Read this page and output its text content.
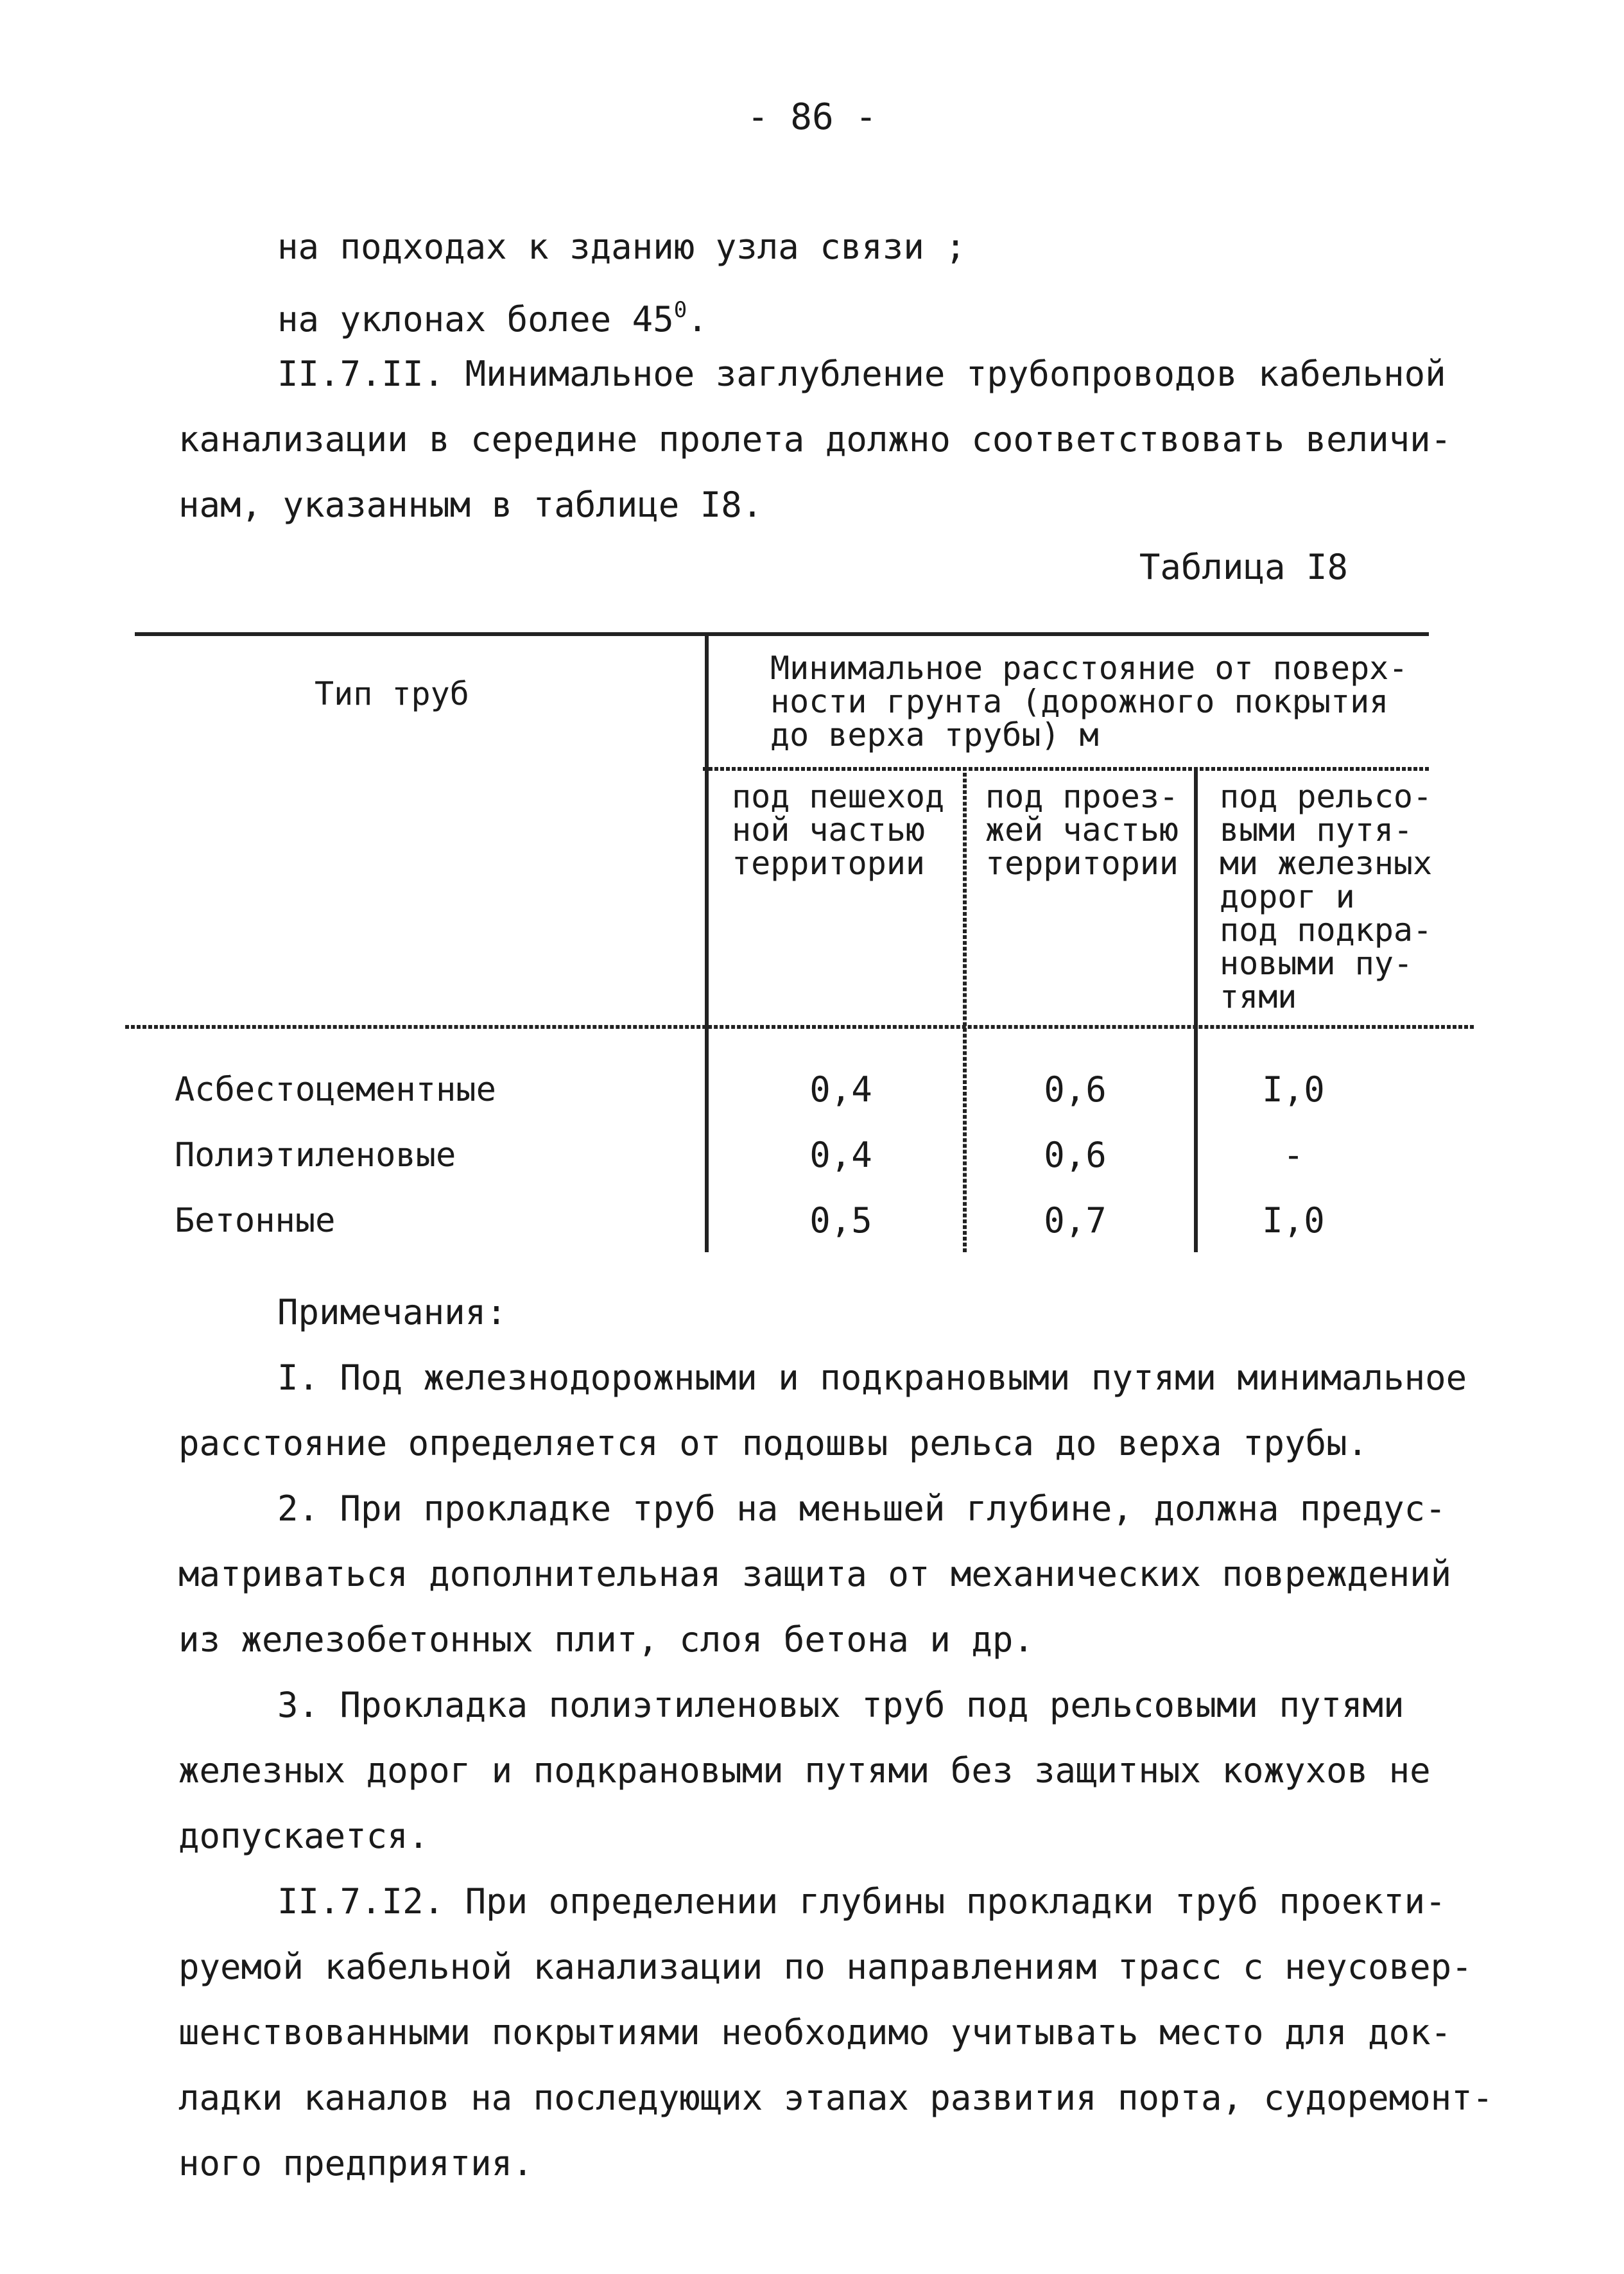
- 86 -
на подходах к зданию узла связи ;
на уклонах более $45^0$.
II.7.II. Минимальное заглубление трубопроводов кабельной
канализации в середине пролета должно соответствовать величи-
нам, указанным в таблице I8.
Таблица I8
Тип труб
Минимальное расстояние от поверх-
ности грунта (дорожного покрытия
до верха трубы) м
под пешеход
ной частью
территории
под проез-
жей частью
территории
под рельсо-
выми путя-
ми железных
дорог и
под подкра-
новыми пу-
тями
Асбестоцементные	0,4	0,6	I,0
Полиэтиленовые	0,4	0,6	-
Бетонные	0,5	0,7	I,0
Примечания:
I. Под железнодорожными и подкрановыми путями минимальное
расстояние определяется от подошвы рельса до верха трубы.
2. При прокладке труб на меньшей глубине, должна предус-
матриваться дополнительная защита от механических повреждений
из железобетонных плит, слоя бетона и др.
3. Прокладка полиэтиленовых труб под рельсовыми путями
железных дорог и подкрановыми путями без защитных кожухов не
допускается.
II.7.I2. При определении глубины прокладки труб проекти-
руемой кабельной канализации по направлениям трасс с неусовер-
шенствованными покрытиями необходимо учитывать место для док-
ладки каналов на последующих этапах развития порта, судоремонт-
ного предприятия.
